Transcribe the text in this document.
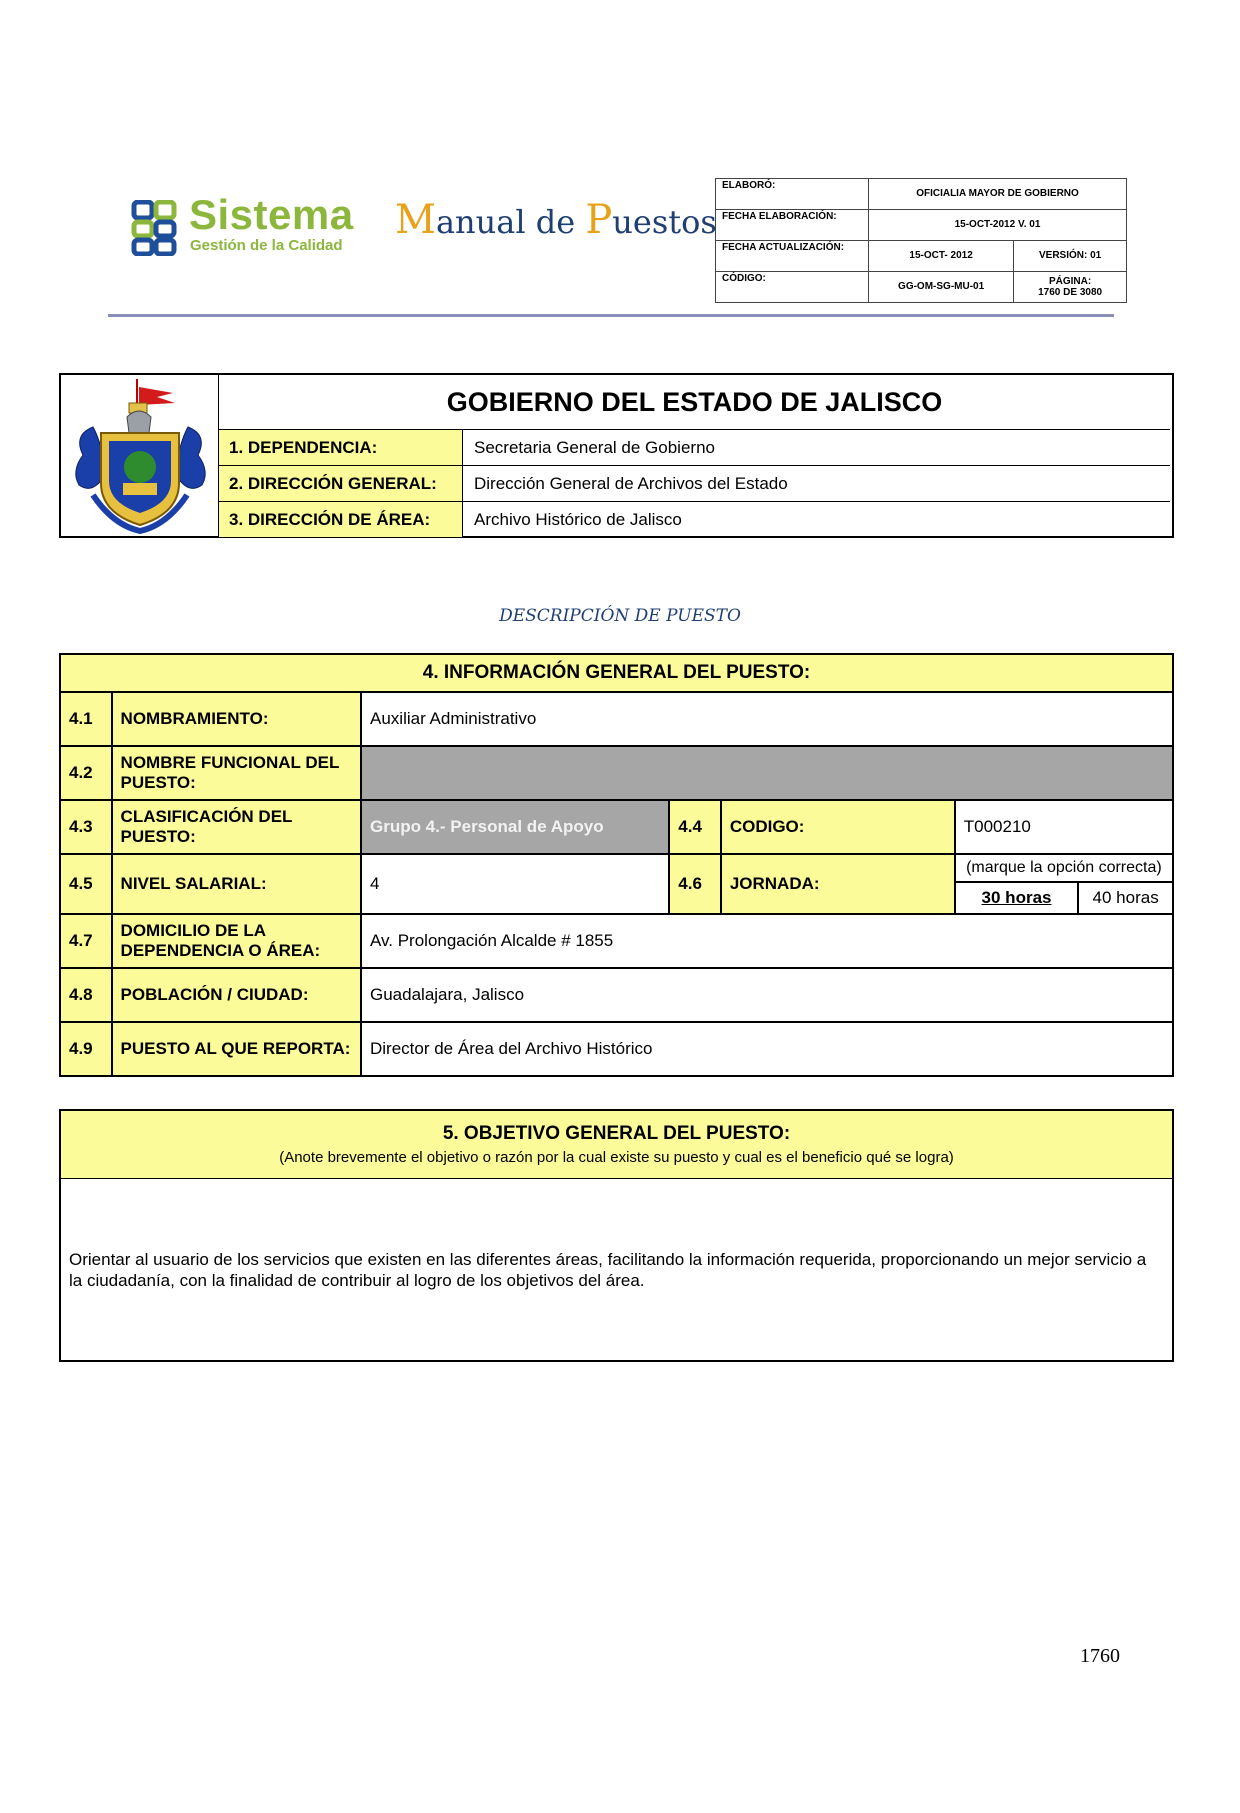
Sistema
Gestión de la Calidad
Manual de Puestos
ELABORÓ:	OFICIALIA MAYOR DE GOBIERNO	
FECHA ELABORACIÓN:	15-OCT-2012 V. 01	
FECHA ACTUALIZACIÓN:	15-OCT- 2012	VERSIÓN: 01
CÓDIGO:	GG-OM-SG-MU-01	PÁGINA:
1760 DE 3080
GOBIERNO DEL ESTADO DE JALISCO
1. DEPENDENCIA:	Secretaria General de Gobierno
2. DIRECCIÓN GENERAL:	Dirección General de Archivos del Estado
3. DIRECCIÓN DE ÁREA:	Archivo Histórico de Jalisco
DESCRIPCIÓN DE PUESTO
4. INFORMACIÓN GENERAL DEL PUESTO:						
4.1	NOMBRAMIENTO:	Auxiliar Administrativo				
4.2	NOMBRE FUNCIONAL DEL PUESTO:					
4.3	CLASIFICACIÓN DEL PUESTO:	Grupo 4.- Personal de Apoyo	4.4	CODIGO:	T000210	
4.5	NIVEL SALARIAL:	4	4.6	JORNADA:	(marque la opción correcta)	
					30 horas	40 horas
4.7	DOMICILIO DE LA DEPENDENCIA O ÁREA:	Av. Prolongación Alcalde # 1855				
4.8	POBLACIÓN / CIUDAD:	Guadalajara, Jalisco				
4.9	PUESTO AL QUE REPORTA:	Director de Área del Archivo Histórico				
5. OBJETIVO GENERAL DEL PUESTO:
(Anote brevemente el objetivo o razón por la cual existe su puesto y cual es el beneficio qué se logra)
Orientar al usuario de los servicios que existen en las diferentes áreas, facilitando la información requerida, proporcionando un mejor servicio a la ciudadanía, con la finalidad de contribuir al logro de los objetivos del área.
1760
